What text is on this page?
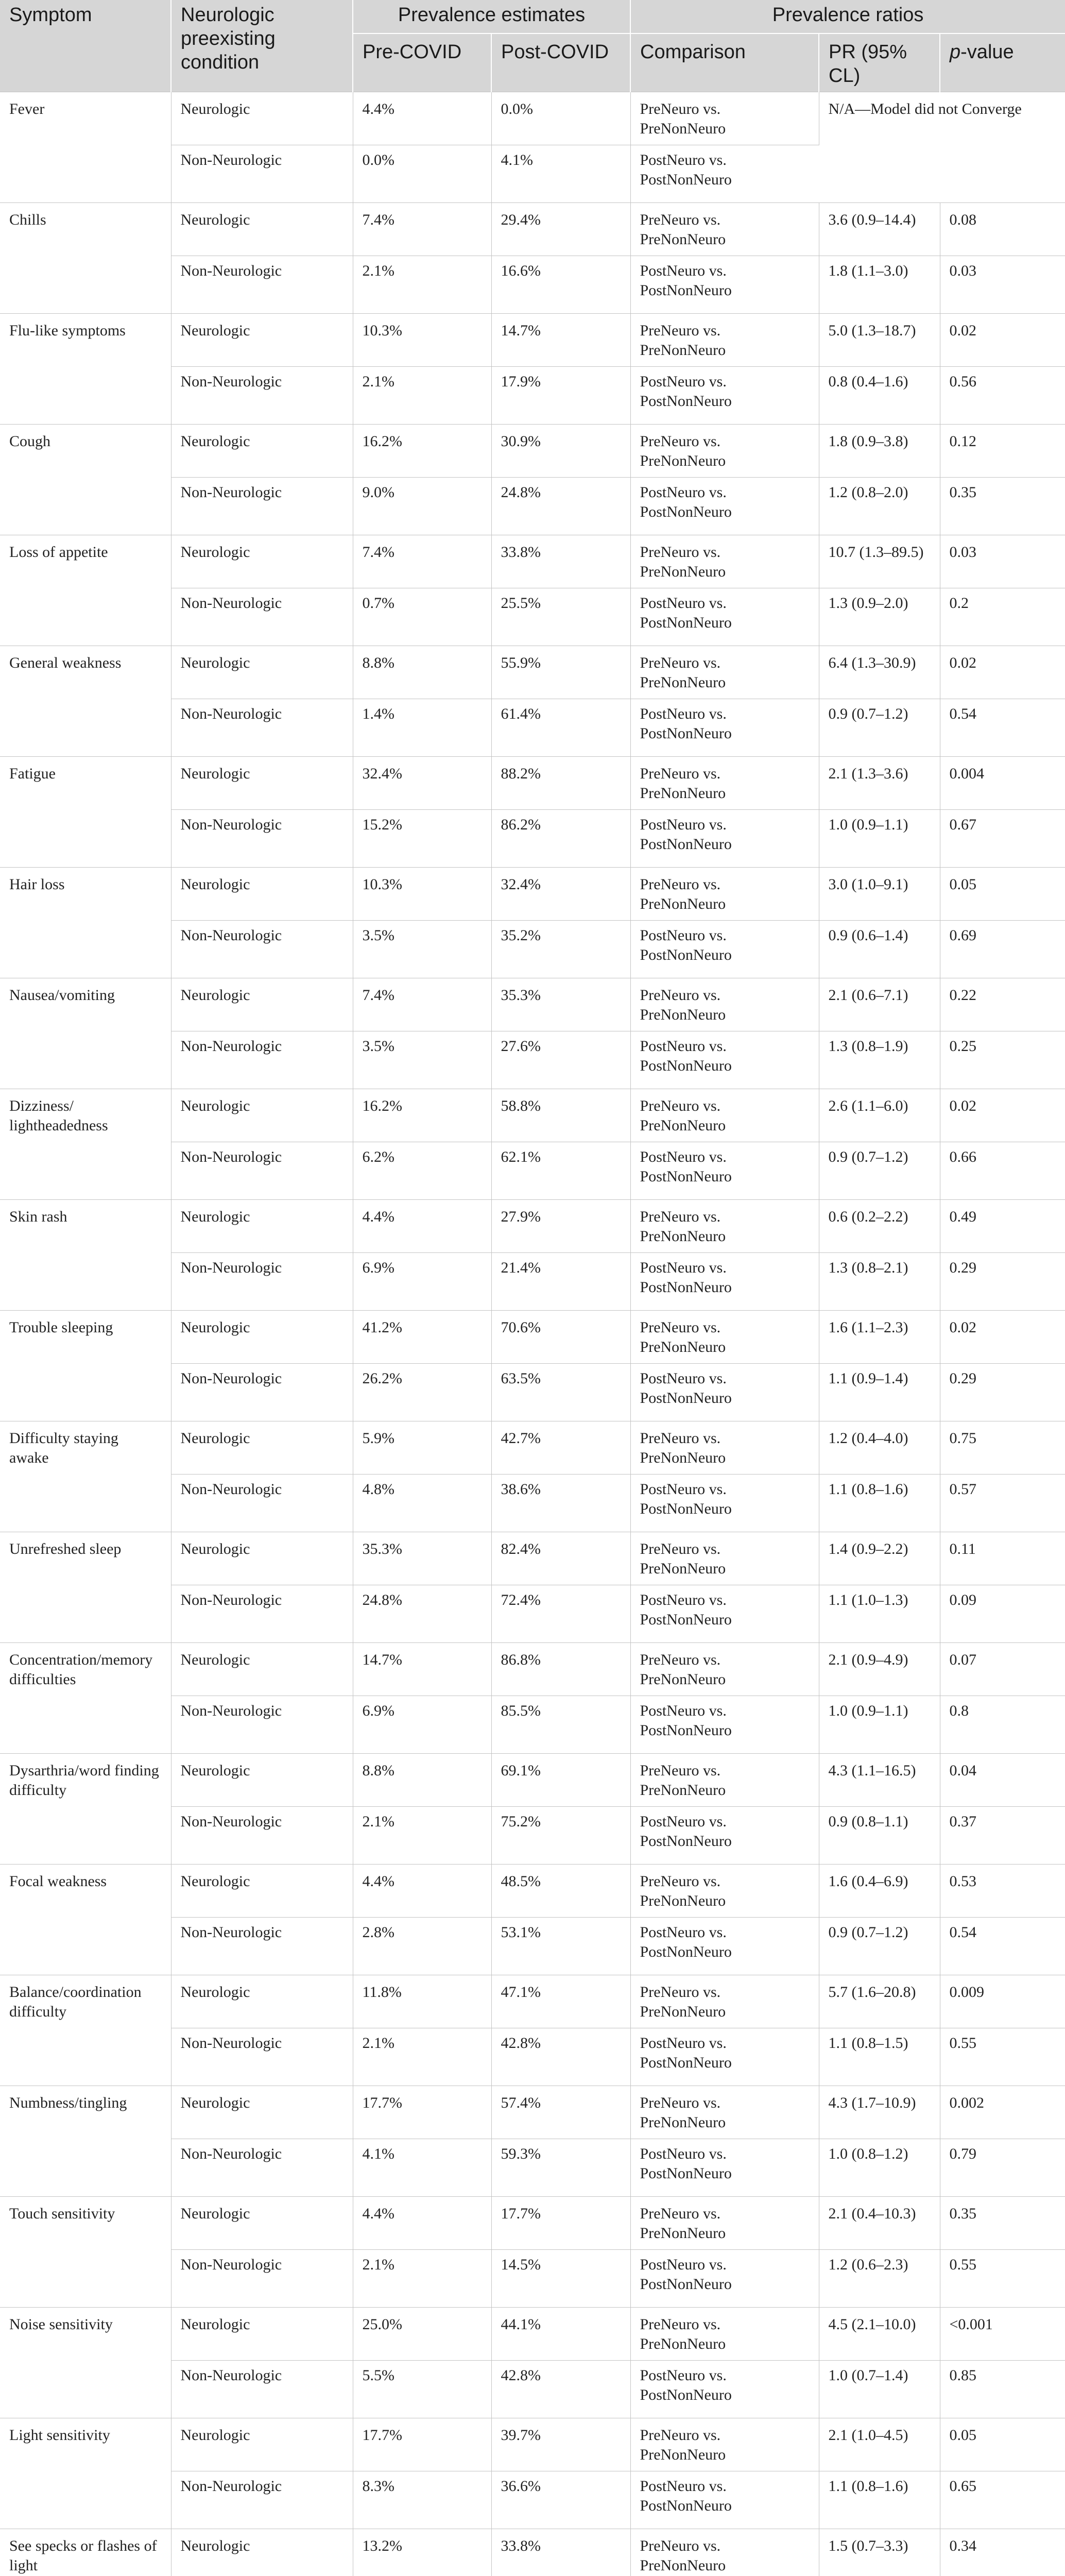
Symptom	Neurologic preexisting condition	Prevalence estimates		Prevalence ratios		
		Pre-COVID	Post-COVID	Comparison	PR (95% CL)	p-value
Fever	Neurologic	4.4%	0.0%	PreNeuro vs. PreNonNeuro	N/A—Model did not Converge	
	Non-Neurologic	0.0%	4.1%	PostNeuro vs. PostNonNeuro		
Chills	Neurologic	7.4%	29.4%	PreNeuro vs. PreNonNeuro	3.6 (0.9–14.4)	0.08
	Non-Neurologic	2.1%	16.6%	PostNeuro vs. PostNonNeuro	1.8 (1.1–3.0)	0.03
Flu-like symptoms	Neurologic	10.3%	14.7%	PreNeuro vs. PreNonNeuro	5.0 (1.3–18.7)	0.02
	Non-Neurologic	2.1%	17.9%	PostNeuro vs. PostNonNeuro	0.8 (0.4–1.6)	0.56
Cough	Neurologic	16.2%	30.9%	PreNeuro vs. PreNonNeuro	1.8 (0.9–3.8)	0.12
	Non-Neurologic	9.0%	24.8%	PostNeuro vs. PostNonNeuro	1.2 (0.8–2.0)	0.35
Loss of appetite	Neurologic	7.4%	33.8%	PreNeuro vs. PreNonNeuro	10.7 (1.3–89.5)	0.03
	Non-Neurologic	0.7%	25.5%	PostNeuro vs. PostNonNeuro	1.3 (0.9–2.0)	0.2
General weakness	Neurologic	8.8%	55.9%	PreNeuro vs. PreNonNeuro	6.4 (1.3–30.9)	0.02
	Non-Neurologic	1.4%	61.4%	PostNeuro vs. PostNonNeuro	0.9 (0.7–1.2)	0.54
Fatigue	Neurologic	32.4%	88.2%	PreNeuro vs. PreNonNeuro	2.1 (1.3–3.6)	0.004
	Non-Neurologic	15.2%	86.2%	PostNeuro vs. PostNonNeuro	1.0 (0.9–1.1)	0.67
Hair loss	Neurologic	10.3%	32.4%	PreNeuro vs. PreNonNeuro	3.0 (1.0–9.1)	0.05
	Non-Neurologic	3.5%	35.2%	PostNeuro vs. PostNonNeuro	0.9 (0.6–1.4)	0.69
Nausea/vomiting	Neurologic	7.4%	35.3%	PreNeuro vs. PreNonNeuro	2.1 (0.6–7.1)	0.22
	Non-Neurologic	3.5%	27.6%	PostNeuro vs. PostNonNeuro	1.3 (0.8–1.9)	0.25
Dizziness/ lightheadedness	Neurologic	16.2%	58.8%	PreNeuro vs. PreNonNeuro	2.6 (1.1–6.0)	0.02
	Non-Neurologic	6.2%	62.1%	PostNeuro vs. PostNonNeuro	0.9 (0.7–1.2)	0.66
Skin rash	Neurologic	4.4%	27.9%	PreNeuro vs. PreNonNeuro	0.6 (0.2–2.2)	0.49
	Non-Neurologic	6.9%	21.4%	PostNeuro vs. PostNonNeuro	1.3 (0.8–2.1)	0.29
Trouble sleeping	Neurologic	41.2%	70.6%	PreNeuro vs. PreNonNeuro	1.6 (1.1–2.3)	0.02
	Non-Neurologic	26.2%	63.5%	PostNeuro vs. PostNonNeuro	1.1 (0.9–1.4)	0.29
Difficulty staying awake	Neurologic	5.9%	42.7%	PreNeuro vs. PreNonNeuro	1.2 (0.4–4.0)	0.75
	Non-Neurologic	4.8%	38.6%	PostNeuro vs. PostNonNeuro	1.1 (0.8–1.6)	0.57
Unrefreshed sleep	Neurologic	35.3%	82.4%	PreNeuro vs. PreNonNeuro	1.4 (0.9–2.2)	0.11
	Non-Neurologic	24.8%	72.4%	PostNeuro vs. PostNonNeuro	1.1 (1.0–1.3)	0.09
Concentration/memory difficulties	Neurologic	14.7%	86.8%	PreNeuro vs. PreNonNeuro	2.1 (0.9–4.9)	0.07
	Non-Neurologic	6.9%	85.5%	PostNeuro vs. PostNonNeuro	1.0 (0.9–1.1)	0.8
Dysarthria/word finding difficulty	Neurologic	8.8%	69.1%	PreNeuro vs. PreNonNeuro	4.3 (1.1–16.5)	0.04
	Non-Neurologic	2.1%	75.2%	PostNeuro vs. PostNonNeuro	0.9 (0.8–1.1)	0.37
Focal weakness	Neurologic	4.4%	48.5%	PreNeuro vs. PreNonNeuro	1.6 (0.4–6.9)	0.53
	Non-Neurologic	2.8%	53.1%	PostNeuro vs. PostNonNeuro	0.9 (0.7–1.2)	0.54
Balance/coordination difficulty	Neurologic	11.8%	47.1%	PreNeuro vs. PreNonNeuro	5.7 (1.6–20.8)	0.009
	Non-Neurologic	2.1%	42.8%	PostNeuro vs. PostNonNeuro	1.1 (0.8–1.5)	0.55
Numbness/tingling	Neurologic	17.7%	57.4%	PreNeuro vs. PreNonNeuro	4.3 (1.7–10.9)	0.002
	Non-Neurologic	4.1%	59.3%	PostNeuro vs. PostNonNeuro	1.0 (0.8–1.2)	0.79
Touch sensitivity	Neurologic	4.4%	17.7%	PreNeuro vs. PreNonNeuro	2.1 (0.4–10.3)	0.35
	Non-Neurologic	2.1%	14.5%	PostNeuro vs. PostNonNeuro	1.2 (0.6–2.3)	0.55
Noise sensitivity	Neurologic	25.0%	44.1%	PreNeuro vs. PreNonNeuro	4.5 (2.1–10.0)	<0.001
	Non-Neurologic	5.5%	42.8%	PostNeuro vs. PostNonNeuro	1.0 (0.7–1.4)	0.85
Light sensitivity	Neurologic	17.7%	39.7%	PreNeuro vs. PreNonNeuro	2.1 (1.0–4.5)	0.05
	Non-Neurologic	8.3%	36.6%	PostNeuro vs. PostNonNeuro	1.1 (0.8–1.6)	0.65
See specks or flashes of light	Neurologic	13.2%	33.8%	PreNeuro vs. PreNonNeuro	1.5 (0.7–3.3)	0.34
